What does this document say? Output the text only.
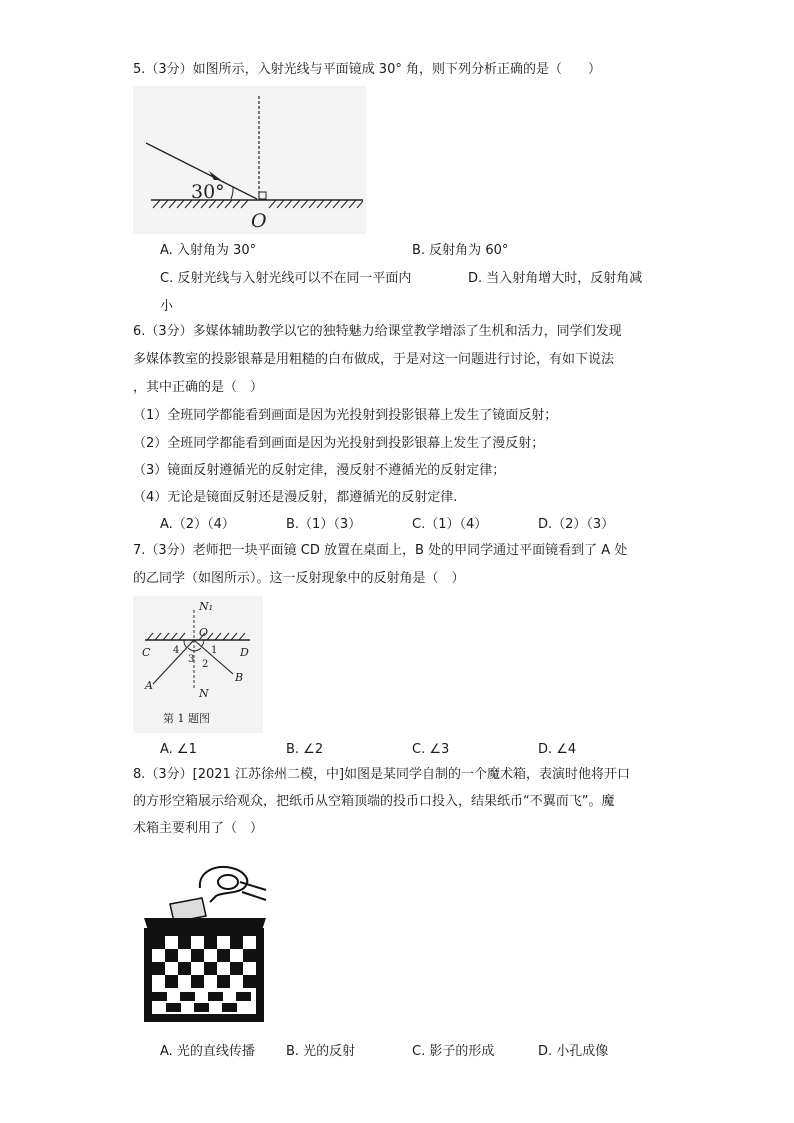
5.（3分）如图所示，入射光线与平面镜成 30° 角，则下列分析正确的是（　　）
30°
O
A. 入射角为 30°	B. 反射角为 60°
C. 反射光线与入射光线可以不在同一平面内	D. 当入射角增大时，反射角减
小
6.（3分）多媒体辅助教学以它的独特魅力给课堂教学增添了生机和活力，同学们发现
多媒体教室的投影银幕是用粗糙的白布做成，于是对这一问题进行讨论，有如下说法
，其中正确的是（　）
（1）全班同学都能看到画面是因为光投射到投影银幕上发生了镜面反射；
（2）全班同学都能看到画面是因为光投射到投影银幕上发生了漫反射；
（3）镜面反射遵循光的反射定律，漫反射不遵循光的反射定律；
（4）无论是镜面反射还是漫反射，都遵循光的反射定律.
A.（2）（4）	B.（1）（3）	C.（1）（4）	D.（2）（3）
7.（3分）老师把一块平面镜 CD 放置在桌面上，B 处的甲同学通过平面镜看到了 A 处
的乙同学（如图所示）。这一反射现象中的反射角是（　）
N₁
O
C	D
A
B
N
1
2
3
4
第 1 题图
A. ∠1	B. ∠2	C. ∠3	D. ∠4
8.（3分）[2021 江苏徐州二模，中]如图是某同学自制的一个魔术箱，表演时他将开口
的方形空箱展示给观众，把纸币从空箱顶端的投币口投入，结果纸币“不翼而飞”。魔
术箱主要利用了（　）
A. 光的直线传播 B. 光的反射	C. 影子的形成	D. 小孔成像
